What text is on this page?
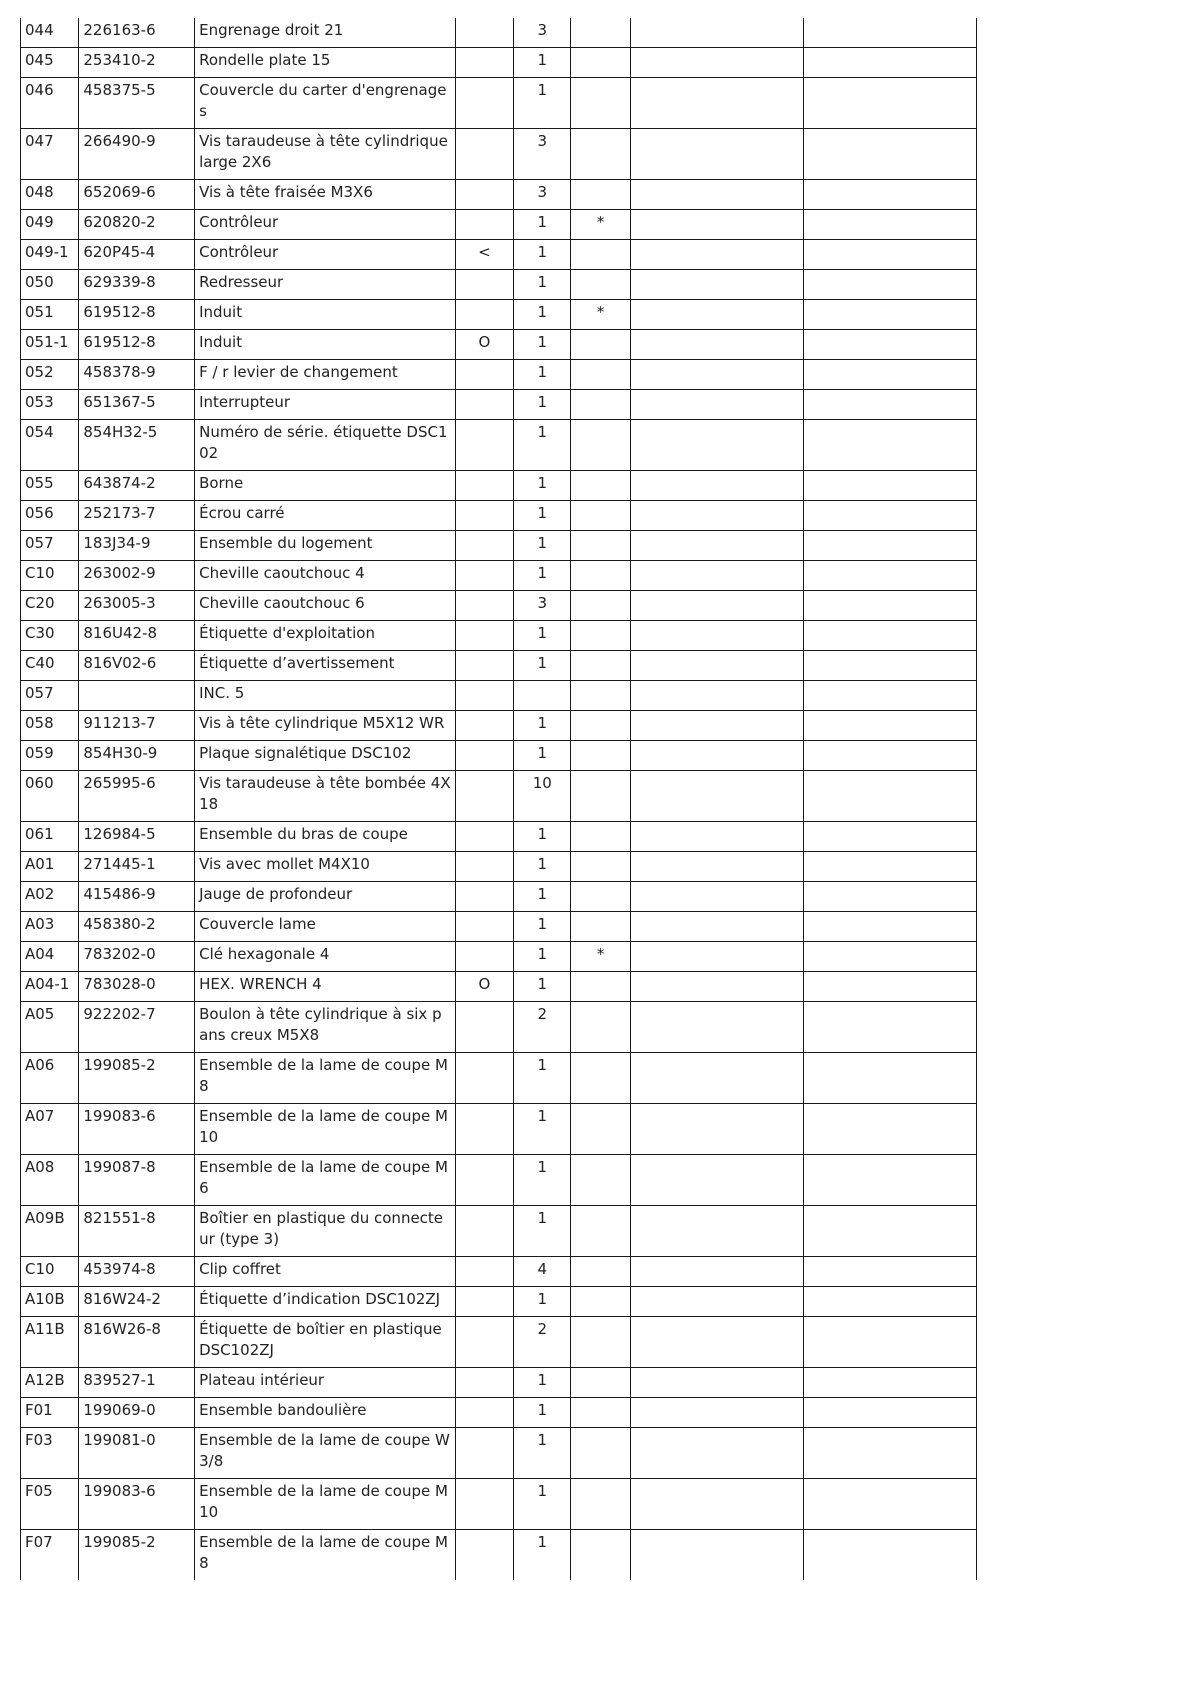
044	226163-6	Engrenage droit 21		3			
045	253410-2	Rondelle plate 15		1			
046	458375-5	Couvercle du carter d'engrenages		1			
047	266490-9	Vis taraudeuse à tête cylindrique large 2X6		3			
048	652069-6	Vis à tête fraisée M3X6		3			
049	620820-2	Contrôleur		1	*		
049-1	620P45-4	Contrôleur	<	1			
050	629339-8	Redresseur		1			
051	619512-8	Induit		1	*		
051-1	619512-8	Induit	O	1			
052	458378-9	F / r levier de changement		1			
053	651367-5	Interrupteur		1			
054	854H32-5	Numéro de série. étiquette DSC102		1			
055	643874-2	Borne		1			
056	252173-7	Écrou carré		1			
057	183J34-9	Ensemble du logement		1			
C10	263002-9	Cheville caoutchouc 4		1			
C20	263005-3	Cheville caoutchouc 6		3			
C30	816U42-8	Étiquette d'exploitation		1			
C40	816V02-6	Étiquette d’avertissement		1			
057		INC. 5					
058	911213-7	Vis à tête cylindrique M5X12 WR		1			
059	854H30-9	Plaque signalétique DSC102		1			
060	265995-6	Vis taraudeuse à tête bombée 4X18		10			
061	126984-5	Ensemble du bras de coupe		1			
A01	271445-1	Vis avec mollet M4X10		1			
A02	415486-9	Jauge de profondeur		1			
A03	458380-2	Couvercle lame		1			
A04	783202-0	Clé hexagonale 4		1	*		
A04-1	783028-0	HEX. WRENCH 4	O	1			
A05	922202-7	Boulon à tête cylindrique à six pans creux M5X8		2			
A06	199085-2	Ensemble de la lame de coupe M8		1			
A07	199083-6	Ensemble de la lame de coupe M10		1			
A08	199087-8	Ensemble de la lame de coupe M6		1			
A09B	821551-8	Boîtier en plastique du connecteur (type 3)		1			
C10	453974-8	Clip coffret		4			
A10B	816W24-2	Étiquette d’indication DSC102ZJ		1			
A11B	816W26-8	Étiquette de boîtier en plastique DSC102ZJ		2			
A12B	839527-1	Plateau intérieur		1			
F01	199069-0	Ensemble bandoulière		1			
F03	199081-0	Ensemble de la lame de coupe W3/8		1			
F05	199083-6	Ensemble de la lame de coupe M10		1			
F07	199085-2	Ensemble de la lame de coupe M8		1			
